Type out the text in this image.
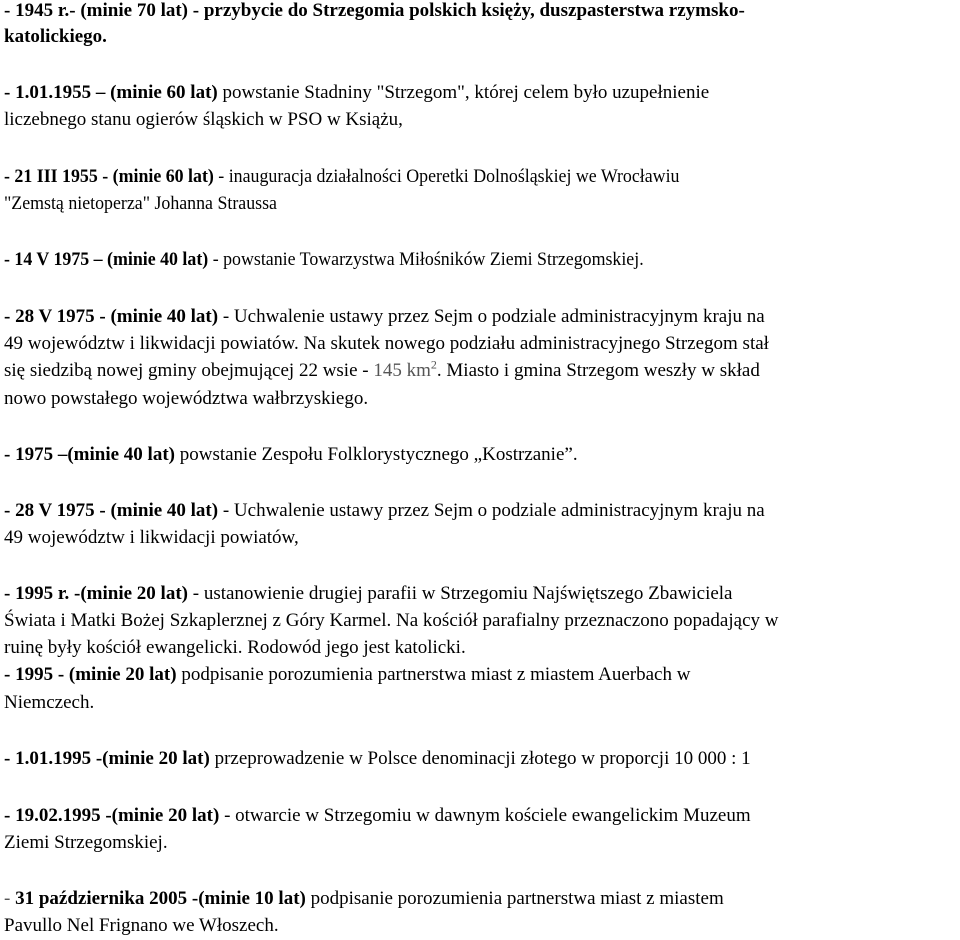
- 1945 r.- (minie 70 lat) - przybycie do Strzegomia polskich księży, duszpasterstwa rzymsko-
katolickiego.
- 1.01.1955 – (minie 60 lat) powstanie Stadniny "Strzegom", której celem było uzupełnienie
liczebnego stanu ogierów śląskich w PSO w Książu,
- 21 III 1955 - (minie 60 lat) - inauguracja działalności Operetki Dolnośląskiej we Wrocławiu
"Zemstą nietoperza" Johanna Straussa
- 14 V 1975 – (minie 40 lat) - powstanie Towarzystwa Miłośników Ziemi Strzegomskiej.
- 28 V 1975 - (minie 40 lat) - Uchwalenie ustawy przez Sejm o podziale administracyjnym kraju na
49 województw i likwidacji powiatów. Na skutek nowego podziału administracyjnego Strzegom stał
się siedzibą nowej gminy obejmującej 22 wsie - 145 $km^2$. Miasto i gmina Strzegom weszły w skład
nowo powstałego województwa wałbrzyskiego.
- 1975 –(minie 40 lat) powstanie Zespołu Folklorystycznego „Kostrzanie”.
- 28 V 1975 - (minie 40 lat) - Uchwalenie ustawy przez Sejm o podziale administracyjnym kraju na
49 województw i likwidacji powiatów,
- 1995 r. -(minie 20 lat) - ustanowienie drugiej parafii w Strzegomiu Najświętszego Zbawiciela
Świata i Matki Bożej Szkaplerznej z Góry Karmel. Na kościół parafialny przeznaczono popadający w
ruinę były kościół ewangelicki. Rodowód jego jest katolicki.
- 1995 - (minie 20 lat) podpisanie porozumienia partnerstwa miast z miastem Auerbach w
Niemczech.
- 1.01.1995 -(minie 20 lat) przeprowadzenie w Polsce denominacji złotego w proporcji 10 000 : 1
- 19.02.1995 -(minie 20 lat) - otwarcie w Strzegomiu w dawnym kościele ewangelickim Muzeum
Ziemi Strzegomskiej.
- 31 października 2005 -(minie 10 lat) podpisanie porozumienia partnerstwa miast z miastem
Pavullo Nel Frignano we Włoszech.
